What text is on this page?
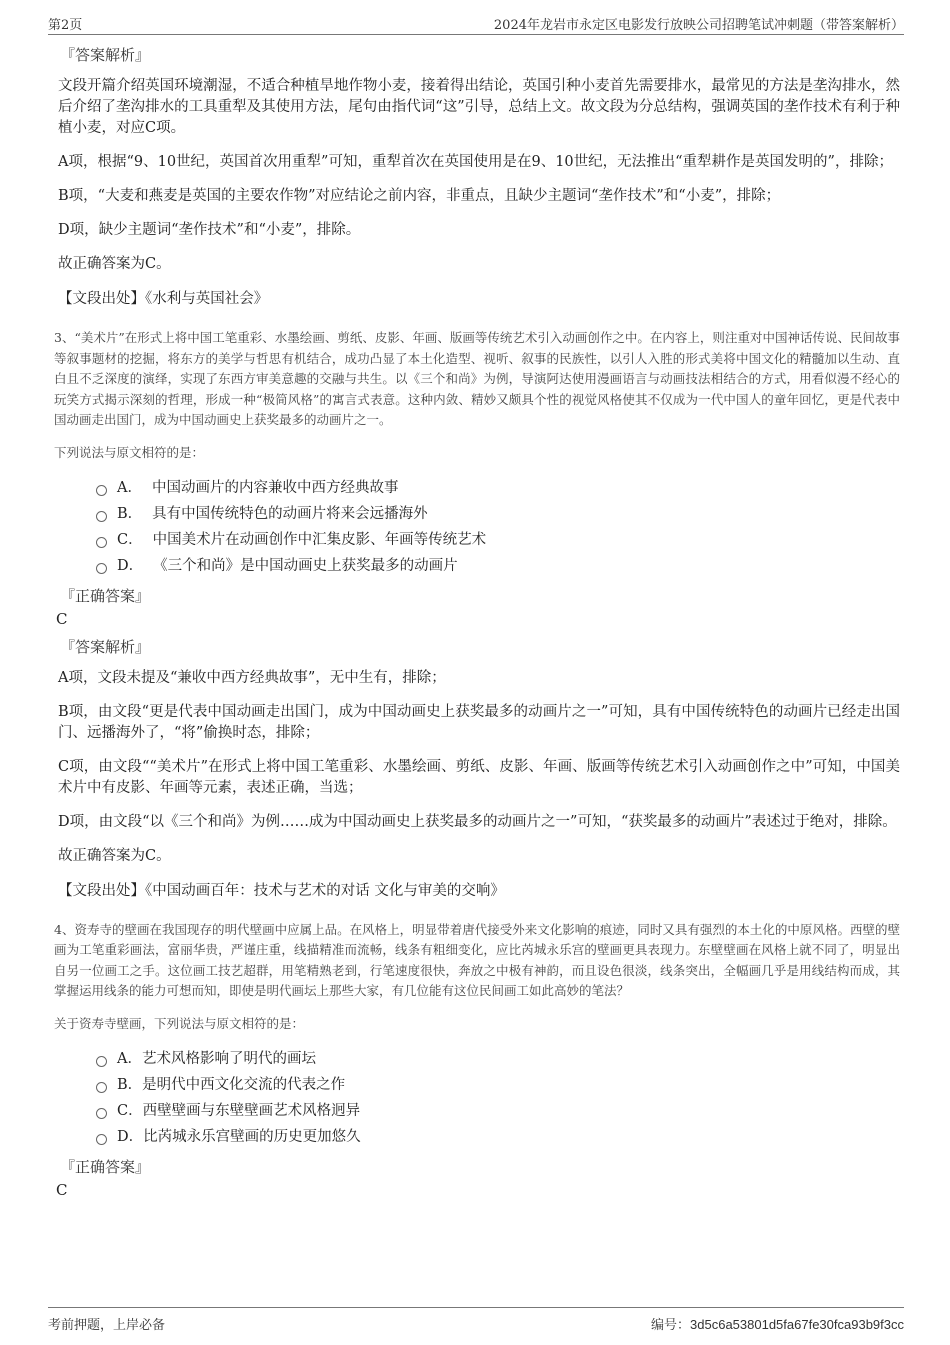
第2页	2024年龙岩市永定区电影发行放映公司招聘笔试冲刺题（带答案解析）
『答案解析』

文段开篇介绍英国环境潮湿，不适合种植旱地作物小麦，接着得出结论，英国引种小麦首先需要排水，最常见的方法是垄沟排水，然后介绍了垄沟排水的工具重犁及其使用方法，尾句由指代词“这”引导，总结上文。故文段为分总结构，强调英国的垄作技术有利于种植小麦，对应C项。

A项，根据“9、10世纪，英国首次用重犁”可知，重犁首次在英国使用是在9、10世纪，无法推出“重犁耕作是英国发明的”，排除；

B项，“大麦和燕麦是英国的主要农作物”对应结论之前内容，非重点，且缺少主题词“垄作技术”和“小麦”，排除；

D项，缺少主题词“垄作技术”和“小麦”，排除。

故正确答案为C。

【文段出处】《水利与英国社会》

3、“美术片”在形式上将中国工笔重彩、水墨绘画、剪纸、皮影、年画、版画等传统艺术引入动画创作之中。在内容上，则注重对中国神话传说、民间故事等叙事题材的挖掘，将东方的美学与哲思有机结合，成功凸显了本土化造型、视听、叙事的民族性，以引人入胜的形式美将中国文化的精髓加以生动、直白且不乏深度的演绎，实现了东西方审美意趣的交融与共生。以《三个和尚》为例，导演阿达使用漫画语言与动画技法相结合的方式，用看似漫不经心的玩笑方式揭示深刻的哲理，形成一种“极简风格”的寓言式表意。这种内敛、精妙又颇具个性的视觉风格使其不仅成为一代中国人的童年回忆，更是代表中国动画走出国门，成为中国动画史上获奖最多的动画片之一。

下列说法与原文相符的是：

A． 中国动画片的内容兼收中西方经典故事
B． 具有中国传统特色的动画片将来会远播海外
C． 中国美术片在动画创作中汇集皮影、年画等传统艺术
D． 《三个和尚》是中国动画史上获奖最多的动画片
『正确答案』
C
『答案解析』

A项，文段未提及“兼收中西方经典故事”，无中生有，排除；

B项，由文段“更是代表中国动画走出国门，成为中国动画史上获奖最多的动画片之一”可知，具有中国传统特色的动画片已经走出国门、远播海外了，“将”偷换时态，排除；

C项，由文段““美术片”在形式上将中国工笔重彩、水墨绘画、剪纸、皮影、年画、版画等传统艺术引入动画创作之中”可知，中国美术片中有皮影、年画等元素，表述正确，当选；

D项，由文段“以《三个和尚》为例……成为中国动画史上获奖最多的动画片之一”可知，“获奖最多的动画片”表述过于绝对，排除。

故正确答案为C。

【文段出处】《中国动画百年：技术与艺术的对话 文化与审美的交响》

4、资寿寺的壁画在我国现存的明代壁画中应属上品。在风格上，明显带着唐代接受外来文化影响的痕迹，同时又具有强烈的本土化的中原风格。西壁的壁画为工笔重彩画法，富丽华贵，严谨庄重，线描精准而流畅，线条有粗细变化，应比芮城永乐宫的壁画更具表现力。东壁壁画在风格上就不同了，明显出自另一位画工之手。这位画工技艺超群，用笔精熟老到，行笔速度很快，奔放之中极有神韵，而且设色很淡，线条突出，全幅画几乎是用线结构而成，其掌握运用线条的能力可想而知，即使是明代画坛上那些大家，有几位能有这位民间画工如此高妙的笔法？

关于资寿寺壁画，下列说法与原文相符的是：

A． 艺术风格影响了明代的画坛
B． 是明代中西文化交流的代表之作
C． 西壁壁画与东壁壁画艺术风格迥异
D． 比芮城永乐宫壁画的历史更加悠久
『正确答案』
C
考前押题，上岸必备	编号：3d5c6a53801d5fa67fe30fca93b9f3cc
